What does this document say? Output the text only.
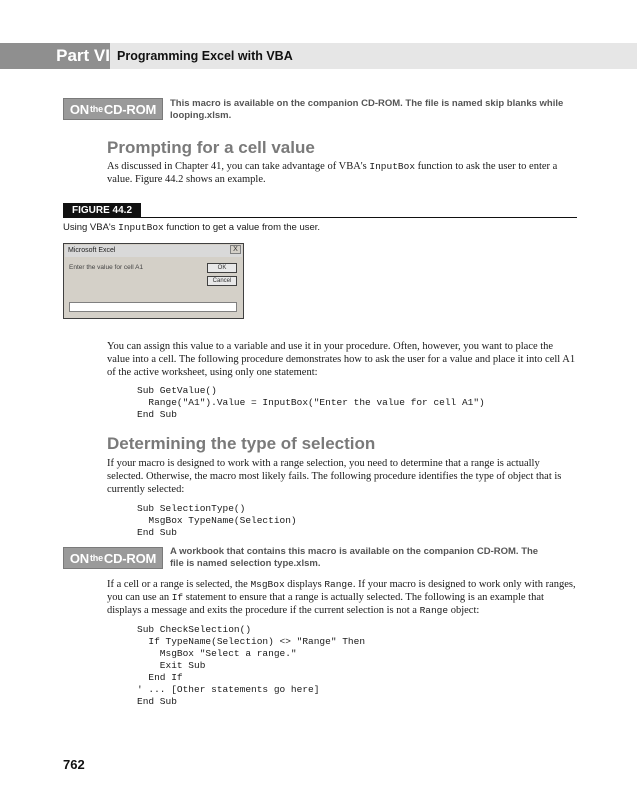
Part VI Programming Excel with VBA
ONtheCD-ROM	This macro is available on the companion CD-ROM. The file is named skip blanks while looping.xlsm.
Prompting for a cell value

As discussed in Chapter 41, you can take advantage of VBA's InputBox function to ask the user to enter a value. Figure 44.2 shows an example.

FIGURE 44.2
Using VBA's InputBox function to get a value from the user.
Microsoft Excel	X
Enter the value for cell A1	OK
Cancel

You can assign this value to a variable and use it in your procedure. Often, however, you want to place the value into a cell. The following procedure demonstrates how to ask the user for a value and place it into cell A1 of the active worksheet, using only one statement:

Sub GetValue()
Range("A1").Value = InputBox("Enter the value for cell A1")
End Sub
Determining the type of selection

If your macro is designed to work with a range selection, you need to determine that a range is actually selected. Otherwise, the macro most likely fails. The following procedure identifies the type of object that is currently selected:

Sub SelectionType()
MsgBox TypeName(Selection)
End Sub
ONtheCD-ROM	A workbook that contains this macro is available on the companion CD-ROM. The file is named selection type.xlsm.

If a cell or a range is selected, the MsgBox displays Range. If your macro is designed to work only with ranges, you can use an If statement to ensure that a range is actually selected. The following is an example that displays a message and exits the procedure if the current selection is not a Range object:

Sub CheckSelection()
If TypeName(Selection) <> "Range" Then
MsgBox "Select a range."
Exit Sub
End If
' ... [Other statements go here]
End Sub
762
